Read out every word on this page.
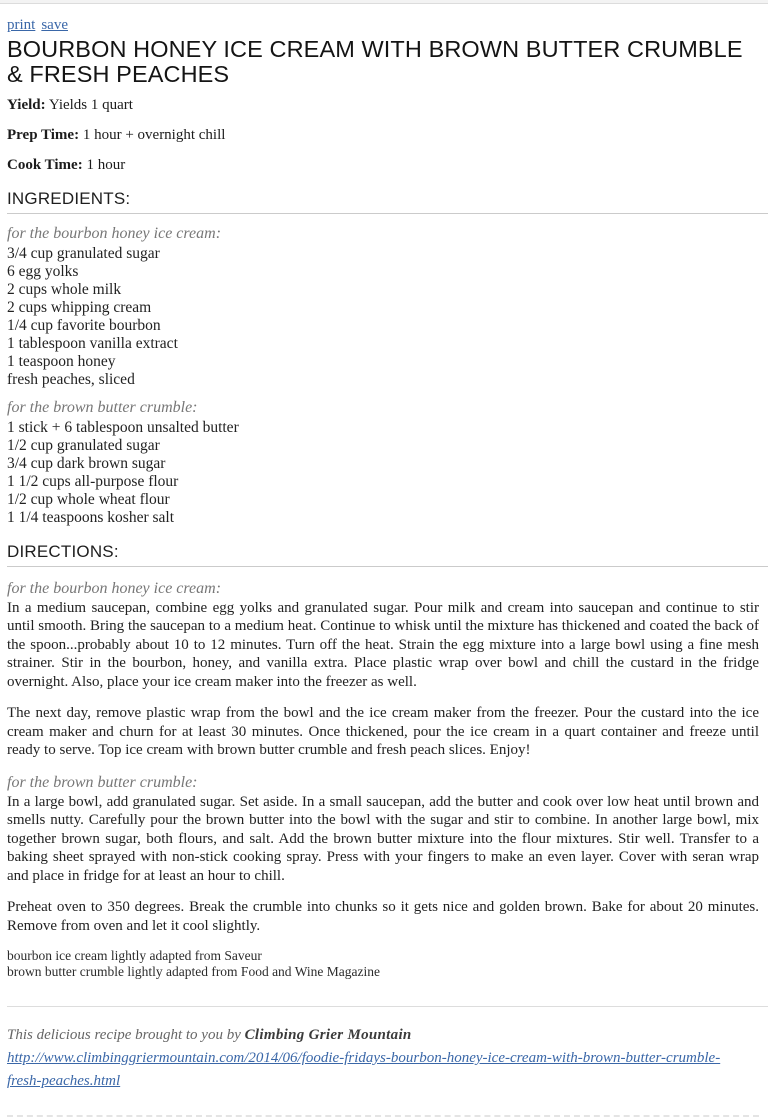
print save
BOURBON HONEY ICE CREAM WITH BROWN BUTTER CRUMBLE & FRESH PEACHES

Yield: Yields 1 quart

Prep Time: 1 hour + overnight chill

Cook Time: 1 hour

INGREDIENTS:
for the bourbon honey ice cream:
3/4 cup granulated sugar
6 egg yolks
2 cups whole milk
2 cups whipping cream
1/4 cup favorite bourbon
1 tablespoon vanilla extract
1 teaspoon honey
fresh peaches, sliced
for the brown butter crumble:
1 stick + 6 tablespoon unsalted butter
1/2 cup granulated sugar
3/4 cup dark brown sugar
1 1/2 cups all-purpose flour
1/2 cup whole wheat flour
1 1/4 teaspoons kosher salt
DIRECTIONS:
for the bourbon honey ice cream:

In a medium saucepan, combine egg yolks and granulated sugar. Pour milk and cream into saucepan and continue to stir until smooth. Bring the saucepan to a medium heat. Continue to whisk until the mixture has thickened and coated the back of the spoon...probably about 10 to 12 minutes. Turn off the heat. Strain the egg mixture into a large bowl using a fine mesh strainer. Stir in the bourbon, honey, and vanilla extra. Place plastic wrap over bowl and chill the custard in the fridge overnight. Also, place your ice cream maker into the freezer as well.

The next day, remove plastic wrap from the bowl and the ice cream maker from the freezer. Pour the custard into the ice cream maker and churn for at least 30 minutes. Once thickened, pour the ice cream in a quart container and freeze until ready to serve. Top ice cream with brown butter crumble and fresh peach slices. Enjoy!

for the brown butter crumble:

In a large bowl, add granulated sugar. Set aside. In a small saucepan, add the butter and cook over low heat until brown and smells nutty. Carefully pour the brown butter into the bowl with the sugar and stir to combine. In another large bowl, mix together brown sugar, both flours, and salt. Add the brown butter mixture into the flour mixtures. Stir well. Transfer to a baking sheet sprayed with non-stick cooking spray. Press with your fingers to make an even layer. Cover with seran wrap and place in fridge for at least an hour to chill.

Preheat oven to 350 degrees. Break the crumble into chunks so it gets nice and golden brown. Bake for about 20 minutes. Remove from oven and let it cool slightly.

bourbon ice cream lightly adapted from Saveur
brown butter crumble lightly adapted from Food and Wine Magazine

This delicious recipe brought to you by Climbing Grier Mountain

http://www.climbinggriermountain.com/2014/06/foodie-fridays-bourbon-honey-ice-cream-with-brown-butter-crumble-fresh-peaches.html
